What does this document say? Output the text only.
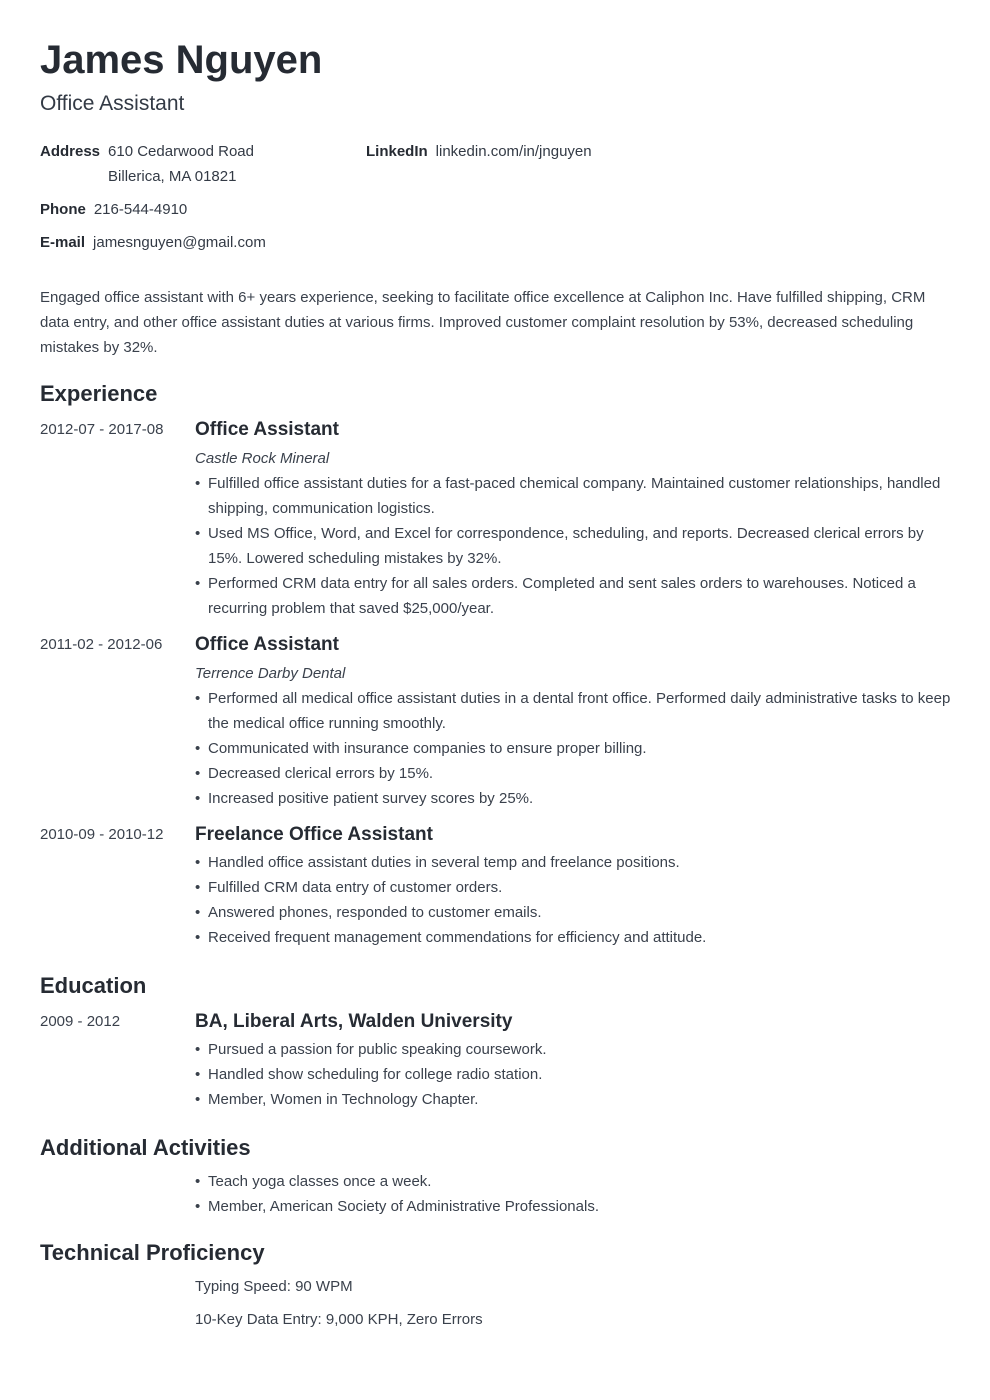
James Nguyen
Office Assistant
Address 610 Cedarwood Road
Billerica, MA 01821
LinkedIn linkedin.com/in/jnguyen
Phone 216-544-4910
E-mail jamesnguyen@gmail.com
Engaged office assistant with 6+ years experience, seeking to facilitate office excellence at Caliphon Inc. Have fulfilled shipping, CRM data entry, and other office assistant duties at various firms. Improved customer complaint resolution by 53%, decreased scheduling mistakes by 32%.
Experience
2012-07 - 2017-08 Office Assistant
Castle Rock Mineral
• Fulfilled office assistant duties for a fast-paced chemical company. Maintained customer relationships, handled shipping, communication logistics.
• Used MS Office, Word, and Excel for correspondence, scheduling, and reports. Decreased clerical errors by 15%. Lowered scheduling mistakes by 32%.
• Performed CRM data entry for all sales orders. Completed and sent sales orders to warehouses. Noticed a recurring problem that saved $25,000/year.
2011-02 - 2012-06 Office Assistant
Terrence Darby Dental
• Performed all medical office assistant duties in a dental front office. Performed daily administrative tasks to keep the medical office running smoothly.
• Communicated with insurance companies to ensure proper billing.
• Decreased clerical errors by 15%.
• Increased positive patient survey scores by 25%.
2010-09 - 2010-12 Freelance Office Assistant
• Handled office assistant duties in several temp and freelance positions.
• Fulfilled CRM data entry of customer orders.
• Answered phones, responded to customer emails.
• Received frequent management commendations for efficiency and attitude.
Education
2009 - 2012	BA, Liberal Arts, Walden University
• Pursued a passion for public speaking coursework.
• Handled show scheduling for college radio station.
• Member, Women in Technology Chapter.
Additional Activities
• Teach yoga classes once a week.
• Member, American Society of Administrative Professionals.
Technical Proficiency
Typing Speed: 90 WPM
10-Key Data Entry: 9,000 KPH, Zero Errors
